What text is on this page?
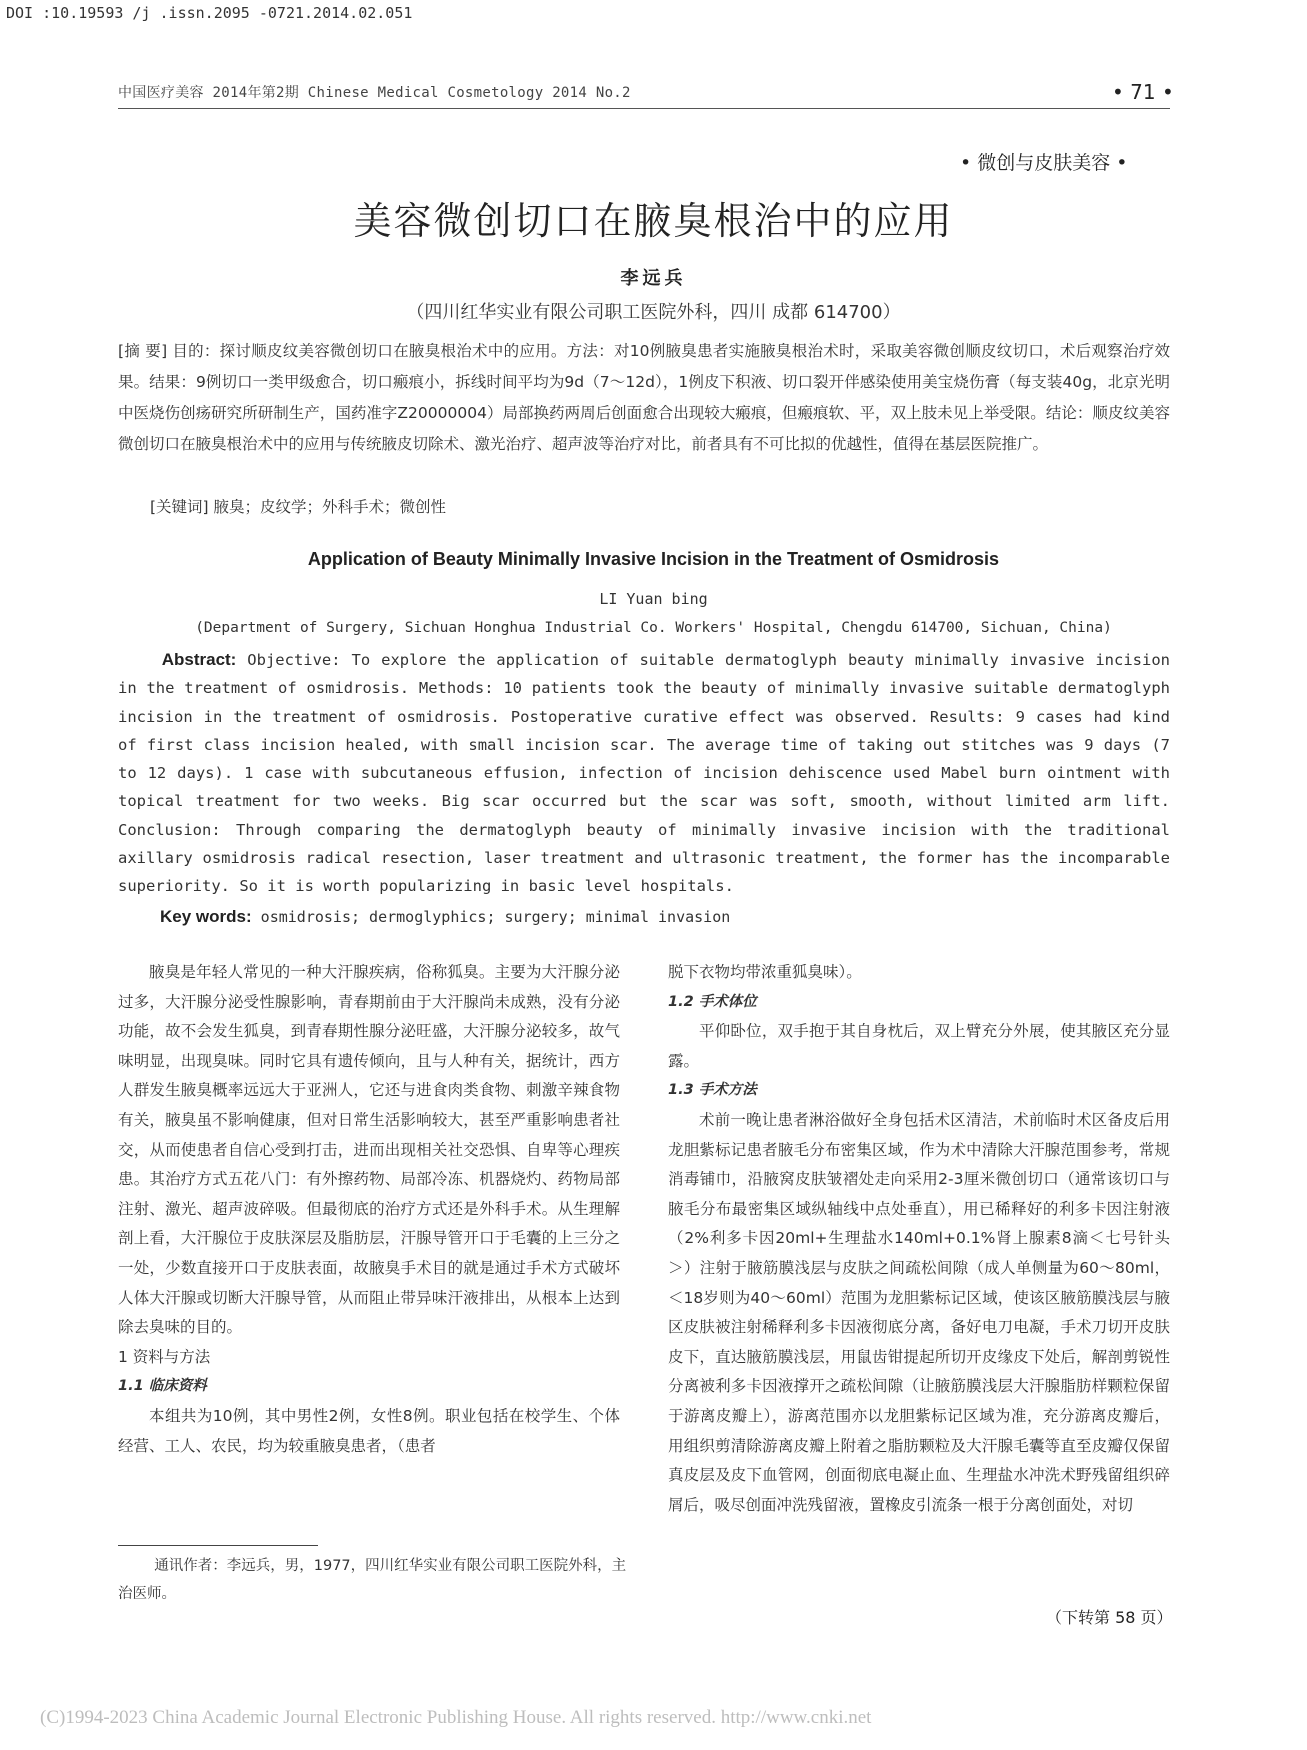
DOI :10.19593 /j .issn.2095 -0721.2014.02.051
中国医疗美容 2014年第2期 Chinese Medical Cosmetology 2014 No.2	• 71 •
• 微创与皮肤美容 •
美容微创切口在腋臭根治中的应用
李远兵
（四川红华实业有限公司职工医院外科，四川 成都 614700）
[摘 要] 目的：探讨顺皮纹美容微创切口在腋臭根治术中的应用。方法：对10例腋臭患者实施腋臭根治术时，采取美容微创顺皮纹切口，术后观察治疗效果。结果：9例切口一类甲级愈合，切口瘢痕小，拆线时间平均为9d（7～12d），1例皮下积液、切口裂开伴感染使用美宝烧伤膏（每支装40g，北京光明中医烧伤创疡研究所研制生产，国药准字Z20000004）局部换药两周后创面愈合出现较大瘢痕，但瘢痕软、平，双上肢未见上举受限。结论：顺皮纹美容微创切口在腋臭根治术中的应用与传统腋皮切除术、激光治疗、超声波等治疗对比，前者具有不可比拟的优越性，值得在基层医院推广。
[关键词] 腋臭；皮纹学；外科手术；微创性
Application of Beauty Minimally Invasive Incision in the Treatment of Osmidrosis
LI Yuan bing
(Department of Surgery, Sichuan Honghua Industrial Co. Workers' Hospital, Chengdu 614700, Sichuan, China)
Abstract: Objective: To explore the application of suitable dermatoglyph beauty minimally invasive incision in the treatment of osmidrosis. Methods: 10 patients took the beauty of minimally invasive suitable dermatoglyph incision in the treatment of osmidrosis. Postoperative curative effect was observed. Results: 9 cases had kind of first class incision healed, with small incision scar. The average time of taking out stitches was 9 days (7 to 12 days). 1 case with subcutaneous effusion, infection of incision dehiscence used Mabel burn ointment with topical treatment for two weeks. Big scar occurred but the scar was soft, smooth, without limited arm lift. Conclusion: Through comparing the dermatoglyph beauty of minimally invasive incision with the traditional axillary osmidrosis radical resection, laser treatment and ultrasonic treatment, the former has the incomparable superiority. So it is worth popularizing in basic level hospitals.
Key words: osmidrosis; dermoglyphics; surgery; minimal invasion

腋臭是年轻人常见的一种大汗腺疾病，俗称狐臭。主要为大汗腺分泌过多，大汗腺分泌受性腺影响，青春期前由于大汗腺尚未成熟，没有分泌功能，故不会发生狐臭，到青春期性腺分泌旺盛，大汗腺分泌较多，故气味明显，出现臭味。同时它具有遗传倾向，且与人种有关，据统计，西方人群发生腋臭概率远远大于亚洲人，它还与进食肉类食物、刺激辛辣食物有关，腋臭虽不影响健康，但对日常生活影响较大，甚至严重影响患者社交，从而使患者自信心受到打击，进而出现相关社交恐惧、自卑等心理疾患。其治疗方式五花八门：有外擦药物、局部冷冻、机器烧灼、药物局部注射、激光、超声波碎吸。但最彻底的治疗方式还是外科手术。从生理解剖上看，大汗腺位于皮肤深层及脂肪层，汗腺导管开口于毛囊的上三分之一处，少数直接开口于皮肤表面，故腋臭手术目的就是通过手术方式破坏人体大汗腺或切断大汗腺导管，从而阻止带异味汗液排出，从根本上达到除去臭味的目的。

1 资料与方法

1.1 临床资料

本组共为10例，其中男性2例，女性8例。职业包括在校学生、个体经营、工人、农民，均为较重腋臭患者，（患者

脱下衣物均带浓重狐臭味）。

1.2 手术体位

平仰卧位，双手抱于其自身枕后，双上臂充分外展，使其腋区充分显露。

1.3 手术方法

术前一晚让患者淋浴做好全身包括术区清洁，术前临时术区备皮后用龙胆紫标记患者腋毛分布密集区域，作为术中清除大汗腺范围参考，常规消毒铺巾，沿腋窝皮肤皱褶处走向采用2-3厘米微创切口（通常该切口与腋毛分布最密集区域纵轴线中点处垂直），用已稀释好的利多卡因注射液（2%利多卡因20ml+生理盐水140ml+0.1%肾上腺素8滴＜七号针头＞）注射于腋筋膜浅层与皮肤之间疏松间隙（成人单侧量为60～80ml，＜18岁则为40～60ml）范围为龙胆紫标记区域，使该区腋筋膜浅层与腋区皮肤被注射稀释利多卡因液彻底分离，备好电刀电凝，手术刀切开皮肤皮下，直达腋筋膜浅层，用鼠齿钳提起所切开皮缘皮下处后，解剖剪锐性分离被利多卡因液撑开之疏松间隙（让腋筋膜浅层大汗腺脂肪样颗粒保留于游离皮瓣上），游离范围亦以龙胆紫标记区域为准，充分游离皮瓣后，用组织剪清除游离皮瓣上附着之脂肪颗粒及大汗腺毛囊等直至皮瓣仅保留真皮层及皮下血管网，创面彻底电凝止血、生理盐水冲洗术野残留组织碎屑后，吸尽创面冲洗残留液，置橡皮引流条一根于分离创面处，对切

通讯作者：李远兵，男，1977，四川红华实业有限公司职工医院外科，主治医师。
（下转第 58 页）
(C)1994-2023 China Academic Journal Electronic Publishing House. All rights reserved. http://www.cnki.net
